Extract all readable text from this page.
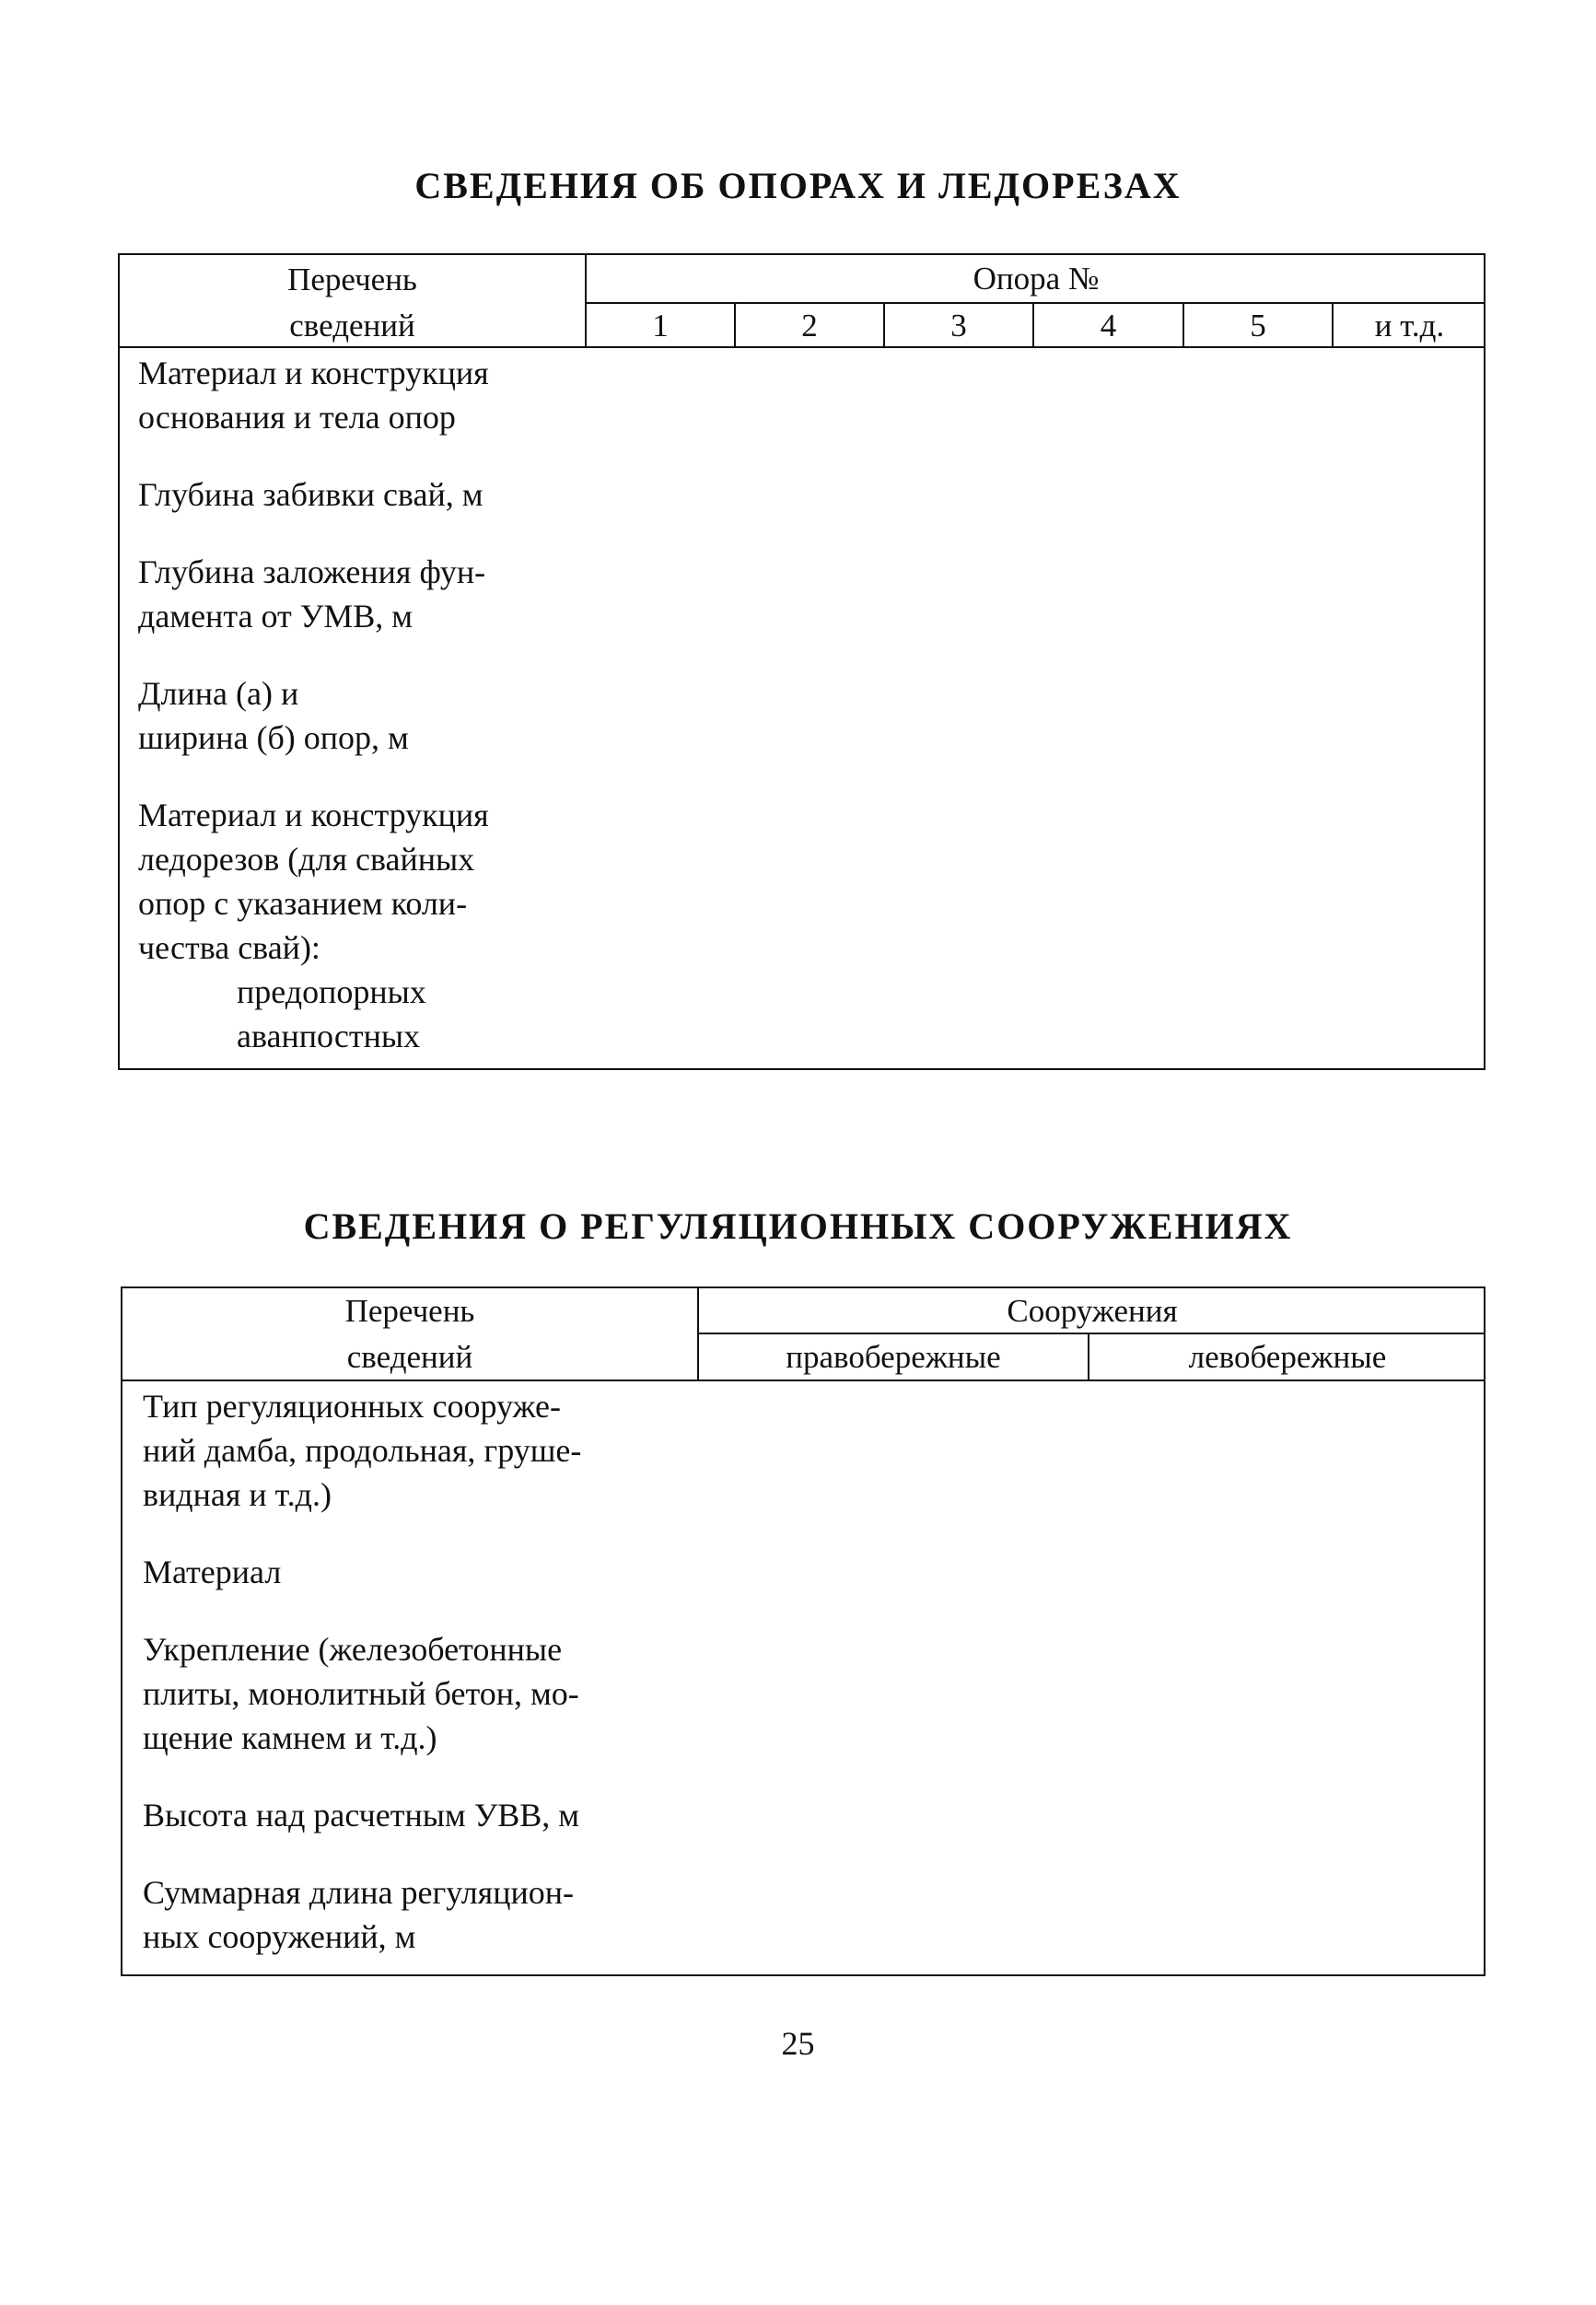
СВЕДЕНИЯ ОБ ОПОРАХ И ЛЕДОРЕЗАХ
Перечень
сведений
Опора №
1	2	3	4	5	и т.д.
Материал и конструкция
основания и тела опор
Глубина забивки свай, м
Глубина заложения фун-
дамента от УМВ, м
Длина (а) и
ширина (б) опор, м
Материал и конструкция
ледорезов (для свайных
опор с указанием коли-
чества свай):
предопорных
аванпостных
СВЕДЕНИЯ О РЕГУЛЯЦИОННЫХ СООРУЖЕНИЯХ
Перечень
сведений
Сооружения
правобережные	левобережные
Тип регуляционных сооруже-
ний дамба, продольная, груше-
видная и т.д.)
Материал
Укрепление (железобетонные
плиты, монолитный бетон, мо-
щение камнем и т.д.)
Высота над расчетным УВВ, м
Суммарная длина регуляцион-
ных сооружений, м
25
